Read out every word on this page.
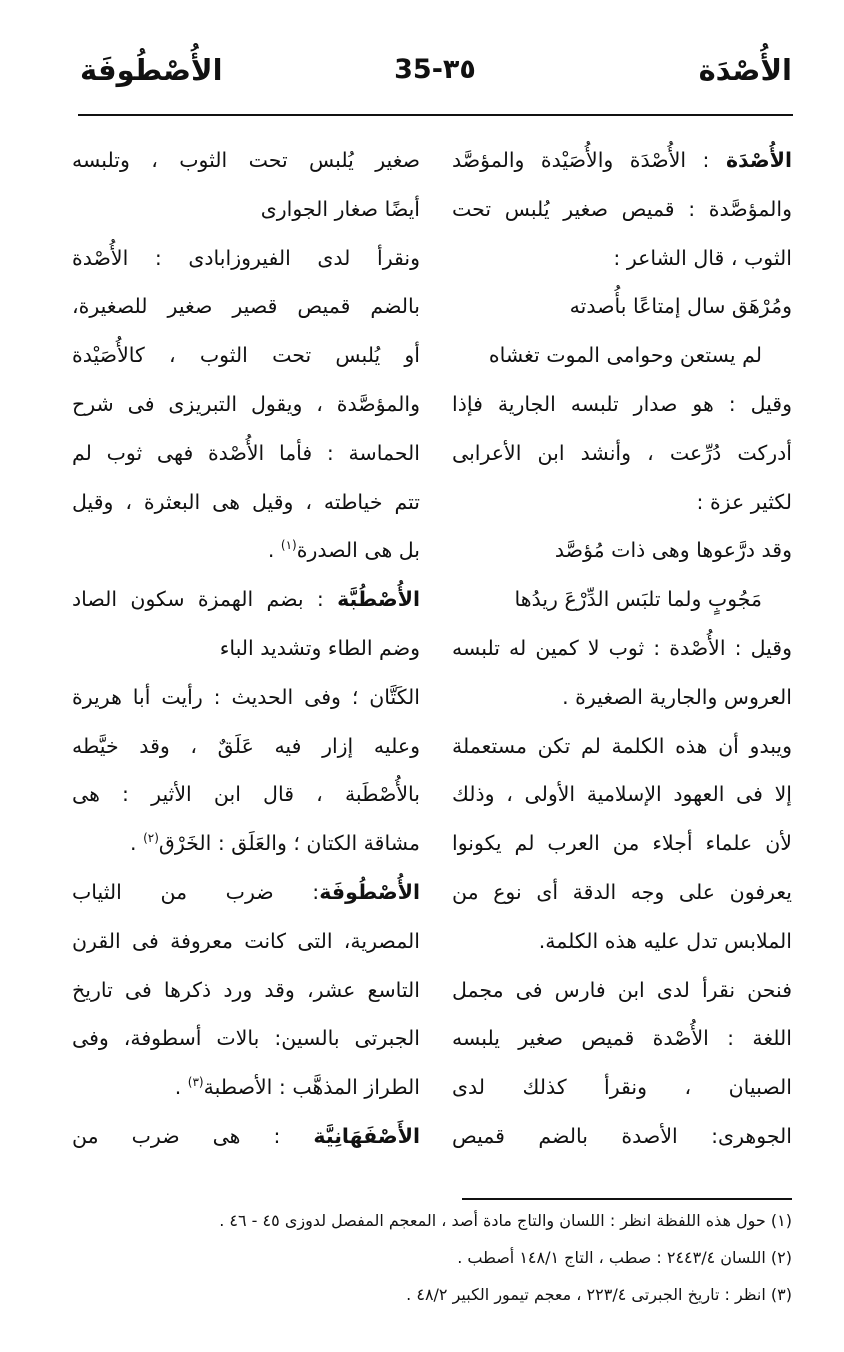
الأُصْدَة
35-٣٥
الأُصْطُوفَة
الأُصْدَة : الأُصْدَة والأُصَيْدة والمؤصَّد
والمؤصَّدة : قميص صغير يُلبس تحت
الثوب ، قال الشاعر :
ومُرْهَق سال إمتاعًا بأُصدته
لم يستعن وحوامى الموت تغشاه
وقيل : هو صدار تلبسه الجارية فإذا
أدركت دُرِّعت ، وأنشد ابن الأعرابى
لكثير عزة :
وقد درَّعوها وهى ذات مُؤصَّد
مَجُوبٍ ولما تلبَس الدِّرْعَ ريدُها
وقيل : الأُصْدة : ثوب لا كمين له تلبسه
العروس والجارية الصغيرة .
ويبدو أن هذه الكلمة لم تكن مستعملة
إلا فى العهود الإسلامية الأولى ، وذلك
لأن علماء أجلاء من العرب لم يكونوا
يعرفون على وجه الدقة أى نوع من
الملابس تدل عليه هذه الكلمة.
فنحن نقرأ لدى ابن فارس فى مجمل
اللغة : الأُصْدة قميص صغير يلبسه
الصبيان ، ونقرأ كذلك لدى
الجوهرى: الأصدة بالضم قميص
صغير يُلبس تحت الثوب ، وتلبسه
أيضًا صغار الجوارى
ونقرأ لدى الفيروزابادى : الأُصْدة
بالضم قميص قصير صغير للصغيرة،
أو يُلبس تحت الثوب ، كالأُصَيْدة
والمؤصَّدة ، ويقول التبريزى فى شرح
الحماسة : فأما الأُصْدة فهى ثوب لم
تتم خياطته ، وقيل هى البعثرة ، وقيل
بل هى الصدرة$^{(١)}$ .
الأُصْطُبَّة : بضم الهمزة سكون الصاد
وضم الطاء وتشديد الباء
الكَتَّان ؛ وفى الحديث : رأيت أبا هريرة
وعليه إزار فيه عَلَقٌ ، وقد خيَّطه
بالأُصْطَبة ، قال ابن الأثير : هى
مشاقة الكتان ؛ والعَلَق : الخَرْق$^{(٢)}$ .
الأُصْطُوفَة: ضرب من الثياب
المصرية، التى كانت معروفة فى القرن
التاسع عشر، وقد ورد ذكرها فى تاريخ
الجبرتى بالسين: بالات أسطوفة، وفى
الطراز المذهَّب : الأصطبة$^{(٣)}$ .
الأَصْفَهَانِيَّة : هى ضرب من
(١) حول هذه اللفظة انظر : اللسان والتاج مادة أصد ، المعجم المفصل لدوزى ٤٥ - ٤٦ .
(٢) اللسان ٢٤٤٣/٤ : صطب ، التاج ١٤٨/١ أصطب .
(٣) انظر : تاريخ الجبرتى ٢٢٣/٤ ، معجم تيمور الكبير ٤٨/٢ .
